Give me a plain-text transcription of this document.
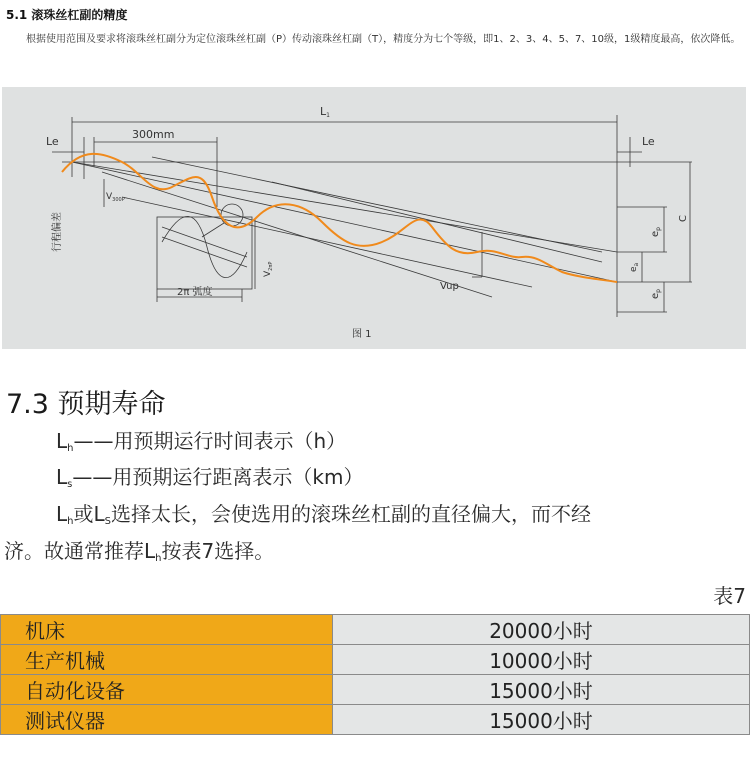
5.1 滚珠丝杠副的精度
根据使用范围及要求将滚珠丝杠副分为定位滚珠丝杠副（P）传动滚珠丝杠副（T），精度分为七个等级，即1、2、3、4、5、7、10级，1级精度最高，依次降低。
L1
Le	Le
300mm
$V_{300P}$
2π 弧度
Vup
图 1
C
$e_p$
$e_a$
$e_p$
$V_{2\pi P}$
行程偏差
7.3 预期寿命
$L_h——$用预期运行时间表示（h）
$L_s——$用预期运行距离表示（km）
$L_h$或$L_S$选择太长，会使选用的滚珠丝杠副的直径偏大，而不经
济。故通常推荐$L_h$按表7选择。
表7
机床	20000小时
生产机械	10000小时
自动化设备	15000小时
测试仪器	15000小时
